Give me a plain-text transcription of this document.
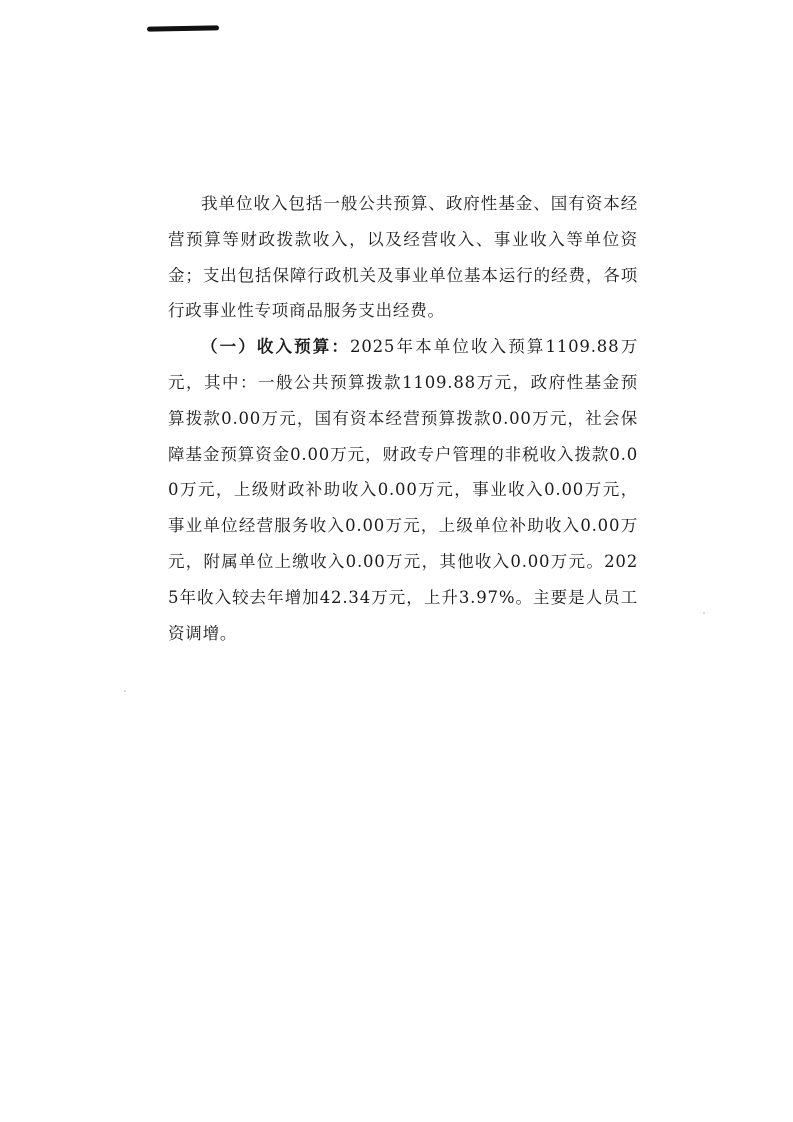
我单位收入包括一般公共预算、政府性基金、国有资本经营预算等财政拨款收入，以及经营收入、事业收入等单位资金；支出包括保障行政机关及事业单位基本运行的经费，各项行政事业性专项商品服务支出经费。

（一）收入预算：2025年本单位收入预算1109.88万元，其中：一般公共预算拨款1109.88万元，政府性基金预算拨款0.00万元，国有资本经营预算拨款0.00万元，社会保障基金预算资金0.00万元，财政专户管理的非税收入拨款0.00万元，上级财政补助收入0.00万元，事业收入0.00万元，事业单位经营服务收入0.00万元，上级单位补助收入0.00万元，附属单位上缴收入0.00万元，其他收入0.00万元。2025年收入较去年增加42.34万元，上升3.97%。主要是人员工资调增。
